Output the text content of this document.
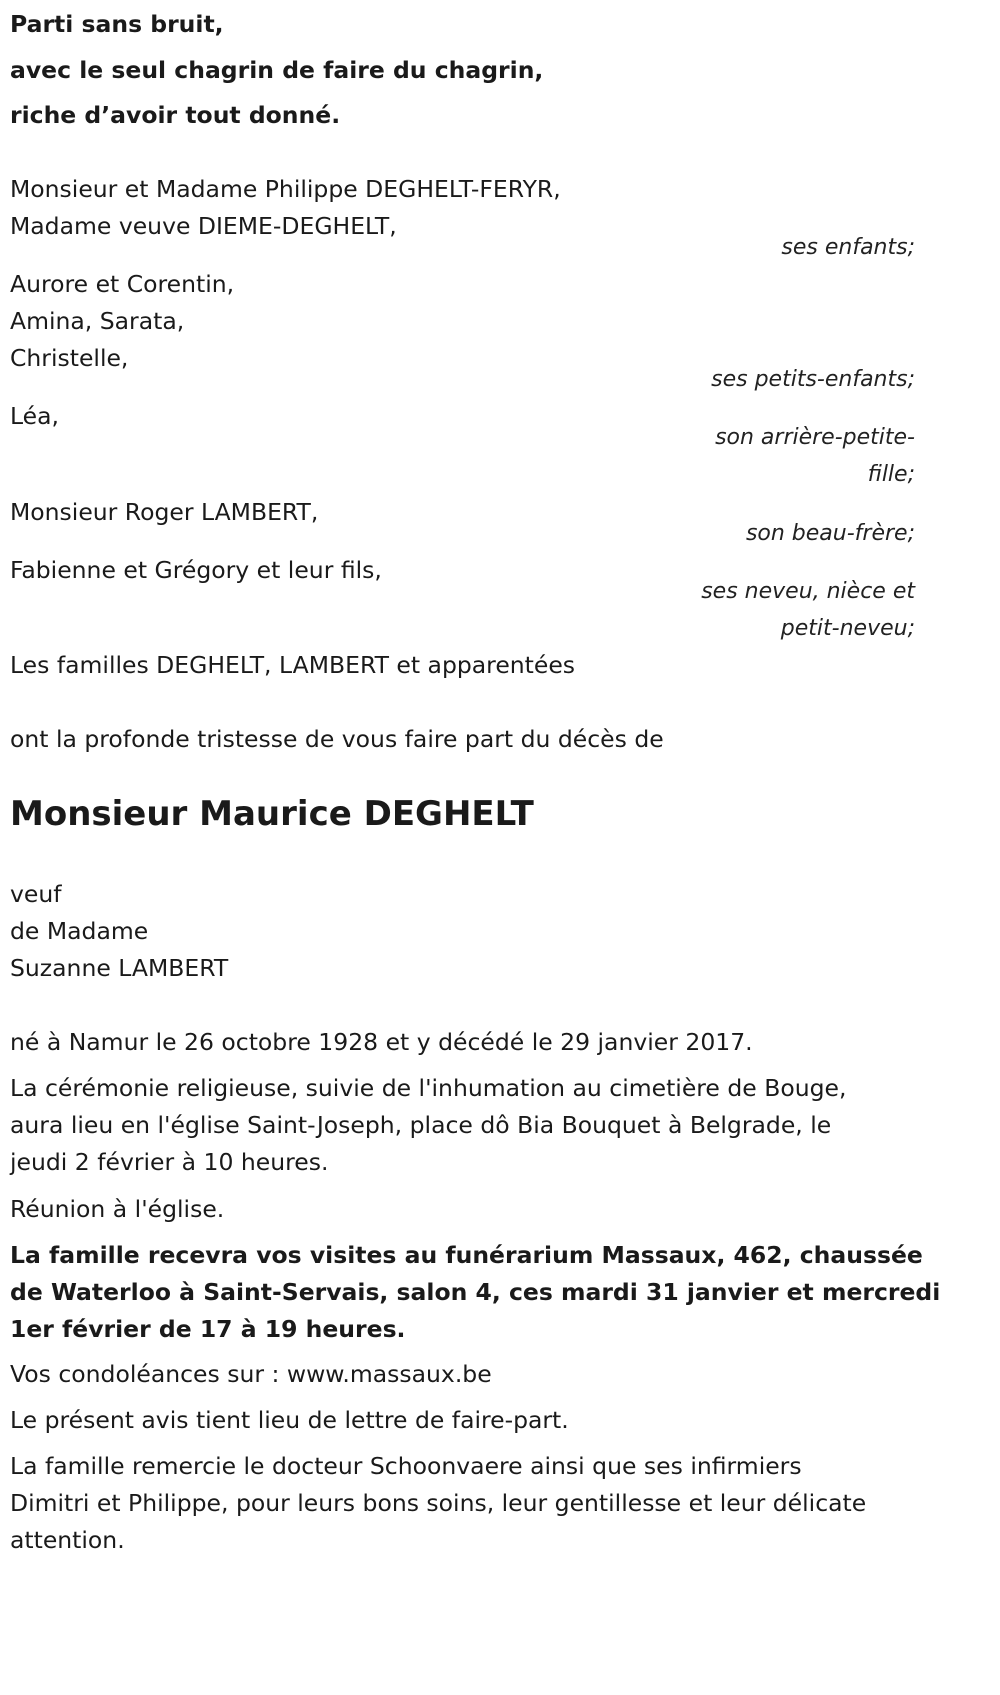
Parti sans bruit,
avec le seul chagrin de faire du chagrin,
riche d’avoir tout donné.
Monsieur et Madame Philippe DEGHELT-FERYR,
Madame veuve DIEME-DEGHELT,
ses enfants;
Aurore et Corentin,
Amina, Sarata,
Christelle,
ses petits-enfants;
Léa,
son arrière-petite-
fille;
Monsieur Roger LAMBERT,
son beau-frère;
Fabienne et Grégory et leur fils,
ses neveu, nièce et
petit-neveu;
Les familles DEGHELT, LAMBERT et apparentées
ont la profonde tristesse de vous faire part du décès de
Monsieur Maurice DEGHELT
veuf
de Madame
Suzanne LAMBERT
né à Namur le 26 octobre 1928 et y décédé le 29 janvier 2017.
La cérémonie religieuse, suivie de l'inhumation au cimetière de Bouge,
aura lieu en l'église Saint-Joseph, place dô Bia Bouquet à Belgrade, le
jeudi 2 février à 10 heures.
Réunion à l'église.
La famille recevra vos visites au funérarium Massaux, 462, chaussée
de Waterloo à Saint-Servais, salon 4, ces mardi 31 janvier et mercredi
1er février de 17 à 19 heures.
Vos condoléances sur : www.massaux.be
Le présent avis tient lieu de lettre de faire-part.
La famille remercie le docteur Schoonvaere ainsi que ses infirmiers
Dimitri et Philippe, pour leurs bons soins, leur gentillesse et leur délicate
attention.
